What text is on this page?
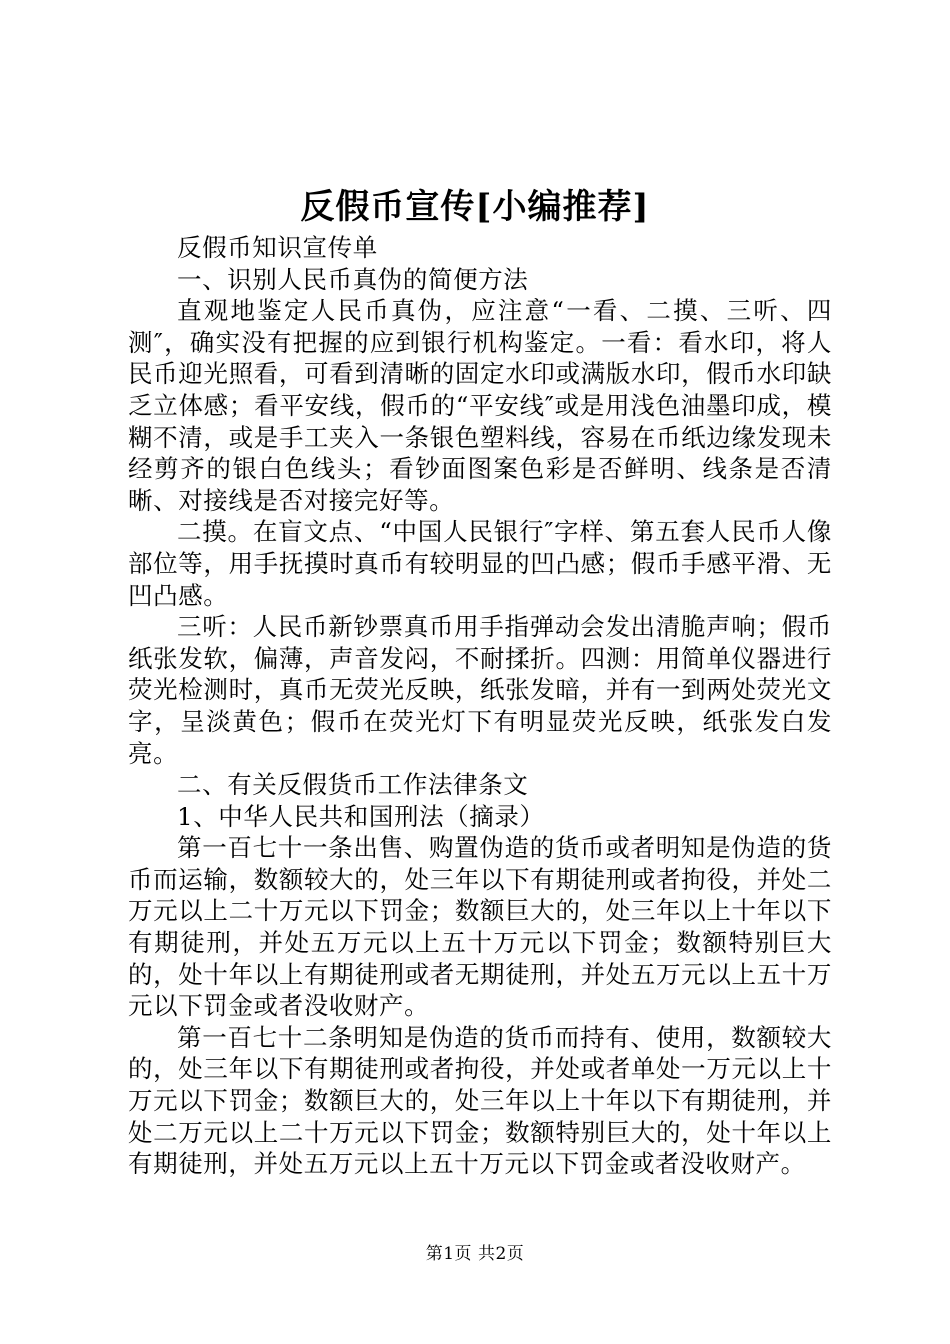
反假币宣传[小编推荐]

反假币知识宣传单

一、识别人民币真伪的简便方法

直观地鉴定人民币真伪，应注意“一看、二摸、三听、四测″，确实没有把握的应到银行机构鉴定。一看：看水印，将人民币迎光照看，可看到清晰的固定水印或满版水印，假币水印缺乏立体感；看平安线，假币的“平安线″或是用浅色油墨印成，模糊不清，或是手工夹入一条银色塑料线，容易在币纸边缘发现未经剪齐的银白色线头；看钞面图案色彩是否鲜明、线条是否清晰、对接线是否对接完好等。

二摸。在盲文点、“中国人民银行″字样、第五套人民币人像部位等，用手抚摸时真币有较明显的凹凸感；假币手感平滑、无凹凸感。

三听：人民币新钞票真币用手指弹动会发出清脆声响；假币纸张发软，偏薄，声音发闷，不耐揉折。四测：用简单仪器进行荧光检测时，真币无荧光反映，纸张发暗，并有一到两处荧光文字，呈淡黄色；假币在荧光灯下有明显荧光反映，纸张发白发亮。

二、有关反假货币工作法律条文

1、中华人民共和国刑法（摘录）

第一百七十一条出售、购置伪造的货币或者明知是伪造的货币而运输，数额较大的，处三年以下有期徒刑或者拘役，并处二万元以上二十万元以下罚金；数额巨大的，处三年以上十年以下有期徒刑，并处五万元以上五十万元以下罚金；数额特别巨大的，处十年以上有期徒刑或者无期徒刑，并处五万元以上五十万元以下罚金或者没收财产。

第一百七十二条明知是伪造的货币而持有、使用，数额较大的，处三年以下有期徒刑或者拘役，并处或者单处一万元以上十万元以下罚金；数额巨大的，处三年以上十年以下有期徒刑，并处二万元以上二十万元以下罚金；数额特别巨大的，处十年以上有期徒刑，并处五万元以上五十万元以下罚金或者没收财产。

第1页 共2页
